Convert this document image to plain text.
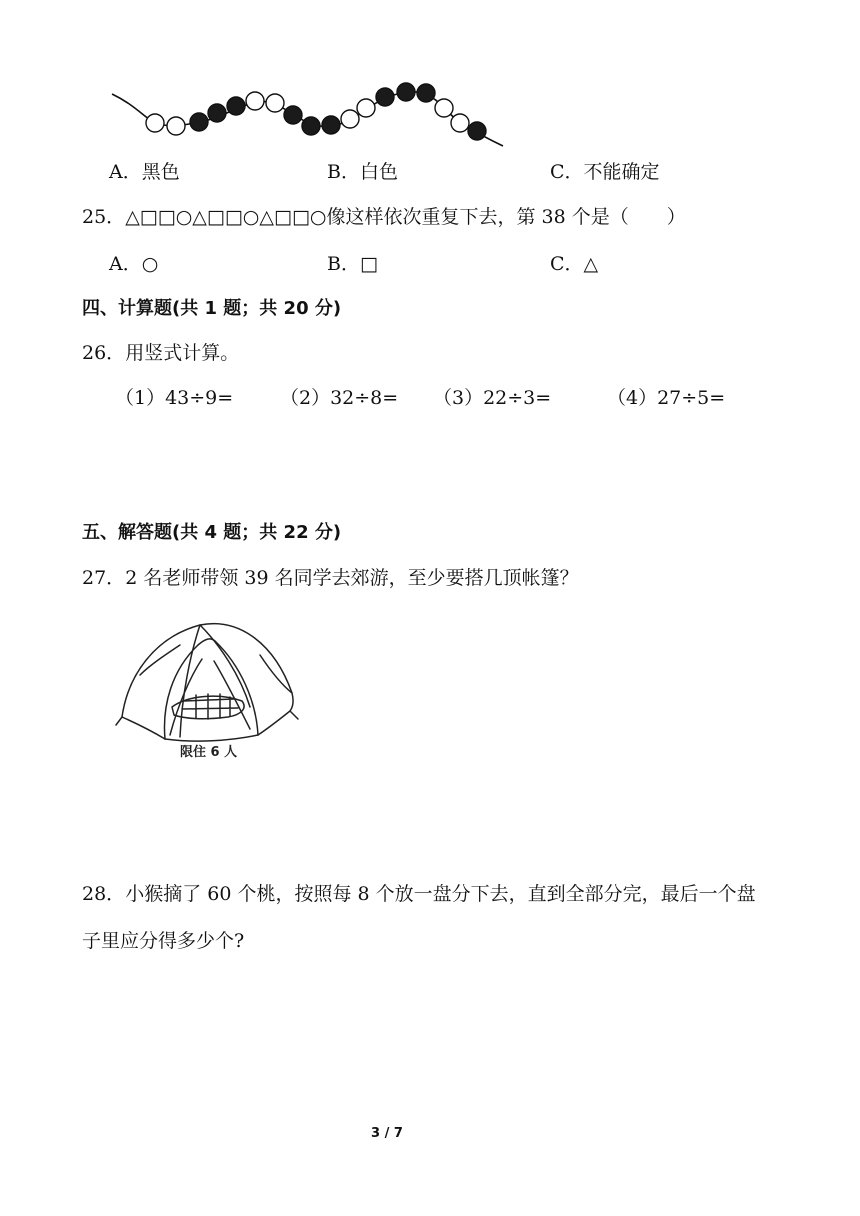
A．黑色	B．白色	C．不能确定
25．△□□○△□□○△□□○像这样依次重复下去，第 38 个是（　　）
A．○	B．□	C．△
四、计算题(共 1 题；共 20 分)
26．用竖式计算。
（1）43÷9= （2）32÷8= （3）22÷3=	（4）27÷5=
五、解答题(共 4 题；共 22 分)
27．2 名老师带领 39 名同学去郊游，至少要搭几顶帐篷？
限住 6 人
28．小猴摘了 60 个桃，按照每 8 个放一盘分下去，直到全部分完，最后一个盘
子里应分得多少个?
3 / 7
